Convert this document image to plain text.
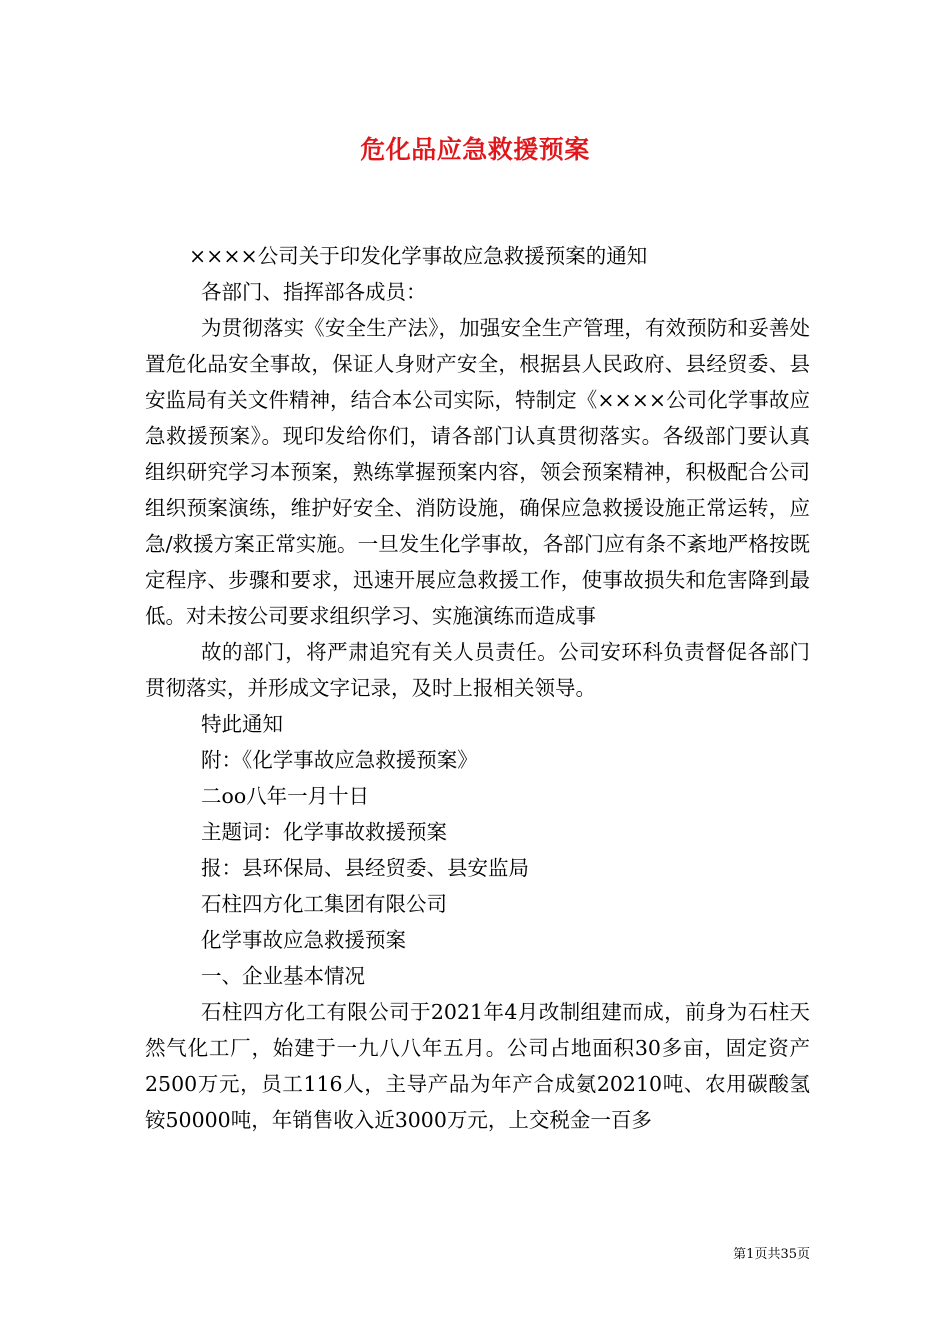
危化品应急救援预案
××××公司关于印发化学事故应急救援预案的通知
各部门、指挥部各成员：

为贯彻落实《安全生产法》，加强安全生产管理，有效预防和妥善处置危化品安全事故，保证人身财产安全，根据县人民政府、县经贸委、县安监局有关文件精神，结合本公司实际，特制定《××××公司化学事故应急救援预案》。现印发给你们，请各部门认真贯彻落实。各级部门要认真组织研究学习本预案，熟练掌握预案内容，领会预案精神，积极配合公司组织预案演练，维护好安全、消防设施，确保应急救援设施正常运转，应急/救援方案正常实施。一旦发生化学事故，各部门应有条不紊地严格按既定程序、步骤和要求，迅速开展应急救援工作，使事故损失和危害降到最低。对未按公司要求组织学习、实施演练而造成事

故的部门，将严肃追究有关人员责任。公司安环科负责督促各部门贯彻落实，并形成文字记录，及时上报相关领导。

特此通知
附：《化学事故应急救援预案》
二oo八年一月十日
主题词：化学事故救援预案
报：县环保局、县经贸委、县安监局
石柱四方化工集团有限公司
化学事故应急救援预案
一、企业基本情况

石柱四方化工有限公司于2021年4月改制组建而成，前身为石柱天然气化工厂，始建于一九八八年五月。公司占地面积30多亩，固定资产2500万元，员工116人，主导产品为年产合成氨20210吨、农用碳酸氢铵50000吨，年销售收入近3000万元，上交税金一百多

第1页共35页
